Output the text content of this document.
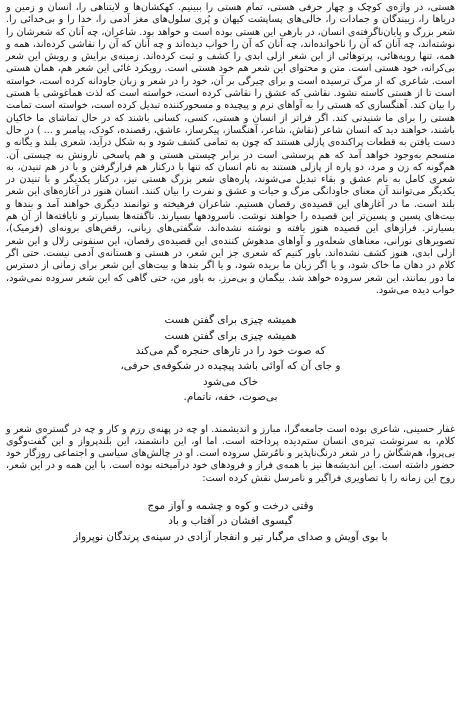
هستی، در واژه‌ی کوچک و چهار حرفی هستی، تمام هستی را ببینیم. کهکشان‌ها و لایتناهی را، انسان و زمین و دریاها را، زیبندگان و جمادات را، خالی‌های پساپشت کیهان و پُری سلول‌های مغز آدمی را، خدا را و بی‌خدائی را. شعر بزرگ و پایان‌ناگرفته‌ی انسان، در بارهی این هستی بوده است و خواهد بود. شاعران، چه آنان که شعرشان را نوشته‌اند، چه آنان که آن را ناخوانده‌اند، چه آنان که آن را خواب دیده‌اند و چه آنان که آن را نقاشی کرده‌اند، همه و همه، تنها رویه‌هائی، پرتوهائی از این شعر ازلی ابدی را کشف و ثبت کرده‌اند. زمینه‌ی برایش و رویش این شعر بی‌کرانه، خود هستی است. متن و محتوای این شعر هم خود هستی است. رویکرد غائی این شعر هم، همان هستی است. شاعری که از مرگ ترسیده است و برای چیرگی بر آن، خود را در شعر و زبان جاودانه کرده است، خواسته است تا از هستی کاسته نشود. نقاشی که عشق را نقاشی کرده است، خواسته است که لذت هماغوشی با هستی را بیان کند. آهنگسازی که هستی را به آواهای نرم و پیچیده و مسحورکننده تبدیل کرده است، خواسته است تمامت هستی را برای ما شنیدنی کند. اگر فراتر از انسان و هستی، کسی، کسانی باشند که در حال تماشای ما خاکیان باشند، خواهند دید که انسان شاعر (نقاش، شاعر، آهنگساز، پیکرساز، عاشق، رقصنده، کودک، پیامبر و ... ) در حال دست یافتن به قطعات پراکنده‌ی پازلی هستند که چون به تمامی کشف شود و به شکل درآید، شعری بلند و یگانه و منسجم به‌وجود خواهد آمد که هم پرسشی است در برابر چیستی هستی و هم پاسخی نارونش به چیستی آن. هم‌گونه که زن و مرد، دو پاره از پازلی هستند به نام انسان که تنها با درکنار هم قرارگرفتن و با در هم تنیدن، به شعری کامل به نام عشق و بقاء تبدیل می‌شوند، پاره‌های شعر بزرگ هستی نیز، درکنار یکدیگر و با تنیدن در یکدیگر می‌توانند آن معنای جاودانگی مرگ و حیات و عشق و نفرت را بیان کنند. انسان هنوز در آغازه‌های این شعر بلند است. ما در آغازهای این قصیده‌ی رقصان هستیم. شاعران فرهیخته و توانمند دیگری خواهند آمد و بندها و بیت‌های پسین و پسین‌تر این قصیده را خواهند نوشت. ناسرودهها بسیارند. ناگفته‌ها بسیارتر و نایافته‌ها از آن هم بسیارتر. فرازهای این قصیده هنوز یافته و نوشته نشده‌اند. شگفتی‌های زبانی، رقص‌های برونه‌ای (فرمیک)، تصویرهای نورانی، معناهای شعله‌ور و آواهای مدهوش کننده‌ی این قصیده‌ی رقصان، این سنفونی زلال و این شعر ازلی ابدی، هنوز کشف نشده‌اند. باور کنیم که شعری جز این شعر، در هستی و هستانه‌ی آدمی نیست. حتی اگر کلام در دهان ما خاک شود، و یا اگر زبان ما بریده شود، و یا اگر بندها و بیت‌های این شعر برای زمانی از دسترس ما دور بمانند، این شعر سروده خواهد شد. بیگمان و بی‌مرز. به باور من، حتی گاهی که این شعر سروده نمی‌شود، خواب دیده می‌شود.

همیشه چیزی برای گفتن هست
همیشه چیزی برای گفتن هست
که صوت خود را در تارهای حنجره گم می‌کند
و جای آن که آوائی باشد پیچیده در شکوفه‌ی حرفی،
خاک می‌شود
بی‌صوت، خفه، ناتمام.

غفار حسینی، شاعری بوده است جامعه‌گرا، مبارز و اندیشمند. او چه در پهنه‌ی رزم و کار و چه در گستره‌ی شعر و کلام، به سرنوشت تیره‌ی انسان ستم‌دیده پرداخته است. اما او، این دانشمند، این بلندپرواز و این گفت‌وگوی بی‌پروا، هم‌شگاش را در شعر درنگ‌ناپذیر و نامُرسَل سروده است. او در چالش‌های سیاسی و اجتماعی روزگار خود حضور داشته است. این اندیشه‌ها نیز با همه‌ی فراز و فرودهای خود درآمیخته بوده است. با این همه و در این شعر، روح این زمانه را با تصاویری فراگیر و نامرسل نقش کرده است:

وقتی درخت و کوه و چشمه و آواز موج
گیسوی افشان در آفتاب و باد
با بوی آویش و صدای مرگبار تیر و انفجار آزادی در سینه‌ی پرندگان نوپرواز
